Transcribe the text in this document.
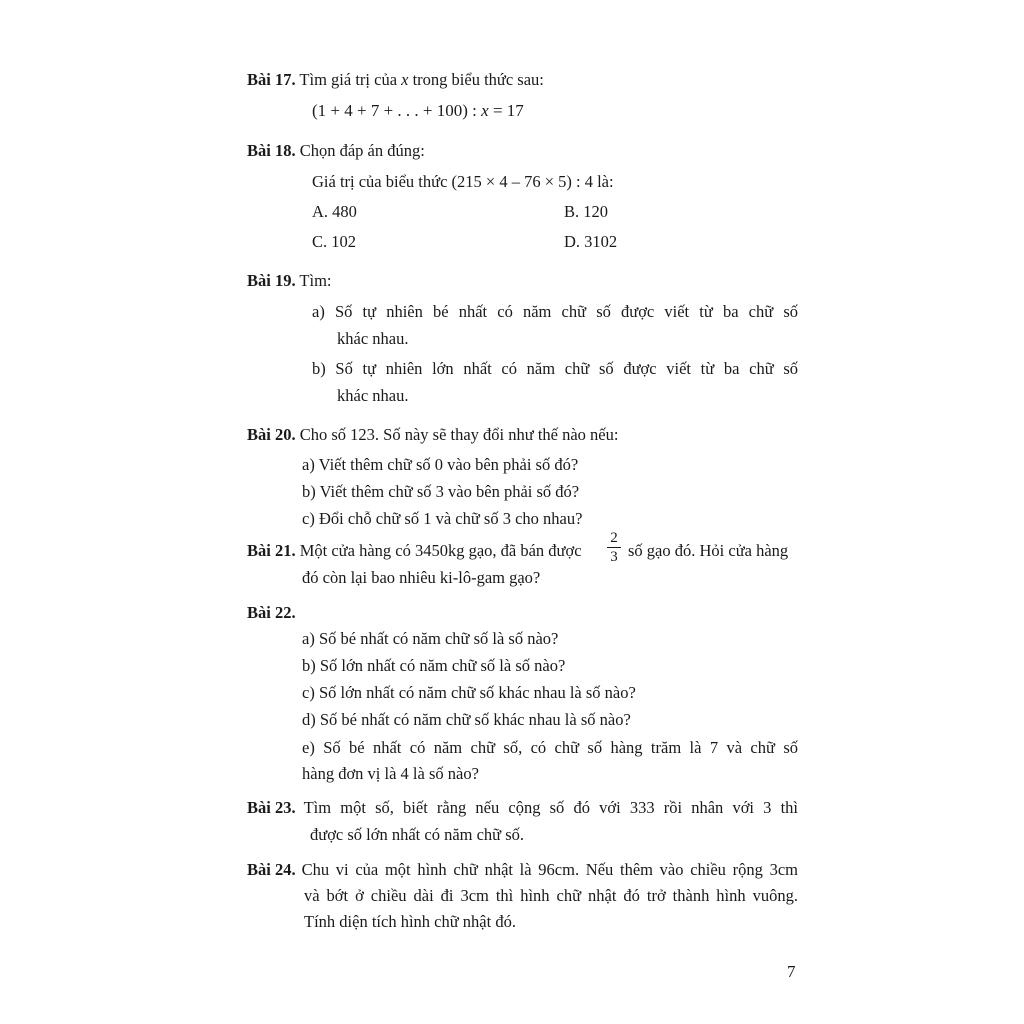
Bài 17. Tìm giá trị của x trong biểu thức sau:
(1 + 4 + 7 + . . . + 100) : x = 17
Bài 18. Chọn đáp án đúng:
Giá trị của biểu thức (215 × 4 – 76 × 5) : 4 là:
A. 480	B. 120
C. 102	D. 3102
Bài 19. Tìm:
a) Số tự nhiên bé nhất có năm chữ số được viết từ ba chữ số
khác nhau.
b) Số tự nhiên lớn nhất có năm chữ số được viết từ ba chữ số
khác nhau.
Bài 20. Cho số 123. Số này sẽ thay đổi như thế nào nếu:
a) Viết thêm chữ số 0 vào bên phải số đó?
b) Viết thêm chữ số 3 vào bên phải số đó?
c) Đổi chỗ chữ số 1 và chữ số 3 cho nhau?
Bài 21. Một cửa hàng có 3450kg gạo, đã bán được
2
3 số gạo đó. Hỏi cửa hàng
đó còn lại bao nhiêu ki-lô-gam gạo?
Bài 22.
a) Số bé nhất có năm chữ số là số nào?
b) Số lớn nhất có năm chữ số là số nào?
c) Số lớn nhất có năm chữ số khác nhau là số nào?
d) Số bé nhất có năm chữ số khác nhau là số nào?
e) Số bé nhất có năm chữ số, có chữ số hàng trăm là 7 và chữ số
hàng đơn vị là 4 là số nào?
Bài 23. Tìm một số, biết rằng nếu cộng số đó với 333 rồi nhân với 3 thì
được số lớn nhất có năm chữ số.
Bài 24. Chu vi của một hình chữ nhật là 96cm. Nếu thêm vào chiều rộng 3cm
và bớt ở chiều dài đi 3cm thì hình chữ nhật đó trở thành hình vuông.
Tính diện tích hình chữ nhật đó.
7
